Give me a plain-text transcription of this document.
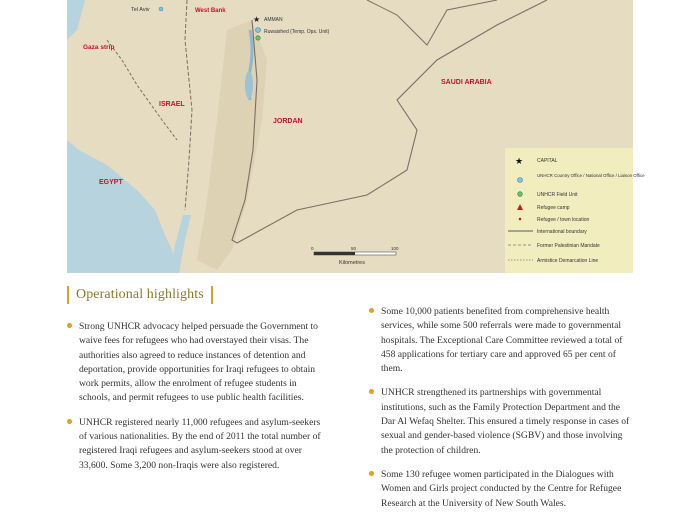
Tel Aviv	West Bank
Gaza strip
ISRAEL
JORDAN
SAUDI ARABIA
EGYPT
★ AMMAN
Ruwaished (Temp. Ops. Unit)
0	50	100
Kilometres
★	CAPITAL
UNHCR Country Office / National Office / Liaison Office
UNHCR Field Unit
Refugee camp
Refugee / town location
International boundary
Former Palestinian Mandate
Armistice Demarcation Line
Operational highlights

Strong UNHCR advocacy helped persuade the Government to waive fees for refugees who had overstayed their visas. The authorities also agreed to reduce instances of detention and deportation, provide opportunities for Iraqi refugees to obtain work permits, allow the enrolment of refugee students in schools, and permit refugees to use public health facilities.

UNHCR registered nearly 11,000 refugees and asylum-seekers of various nationalities. By the end of 2011 the total number of registered Iraqi refugees and asylum-seekers stood at over 33,600. Some 3,200 non-Iraqis were also registered.

Some 10,000 patients benefited from comprehensive health services, while some 500 referrals were made to governmental hospitals. The Exceptional Care Committee reviewed a total of 458 applications for tertiary care and approved 65 per cent of them.

UNHCR strengthened its partnerships with governmental institutions, such as the Family Protection Department and the Dar Al Wefaq Shelter. This ensured a timely response in cases of sexual and gender-based violence (SGBV) and those involving the protection of children.

Some 130 refugee women participated in the Dialogues with Women and Girls project conducted by the Centre for Refugee Research at the University of New South Wales.
